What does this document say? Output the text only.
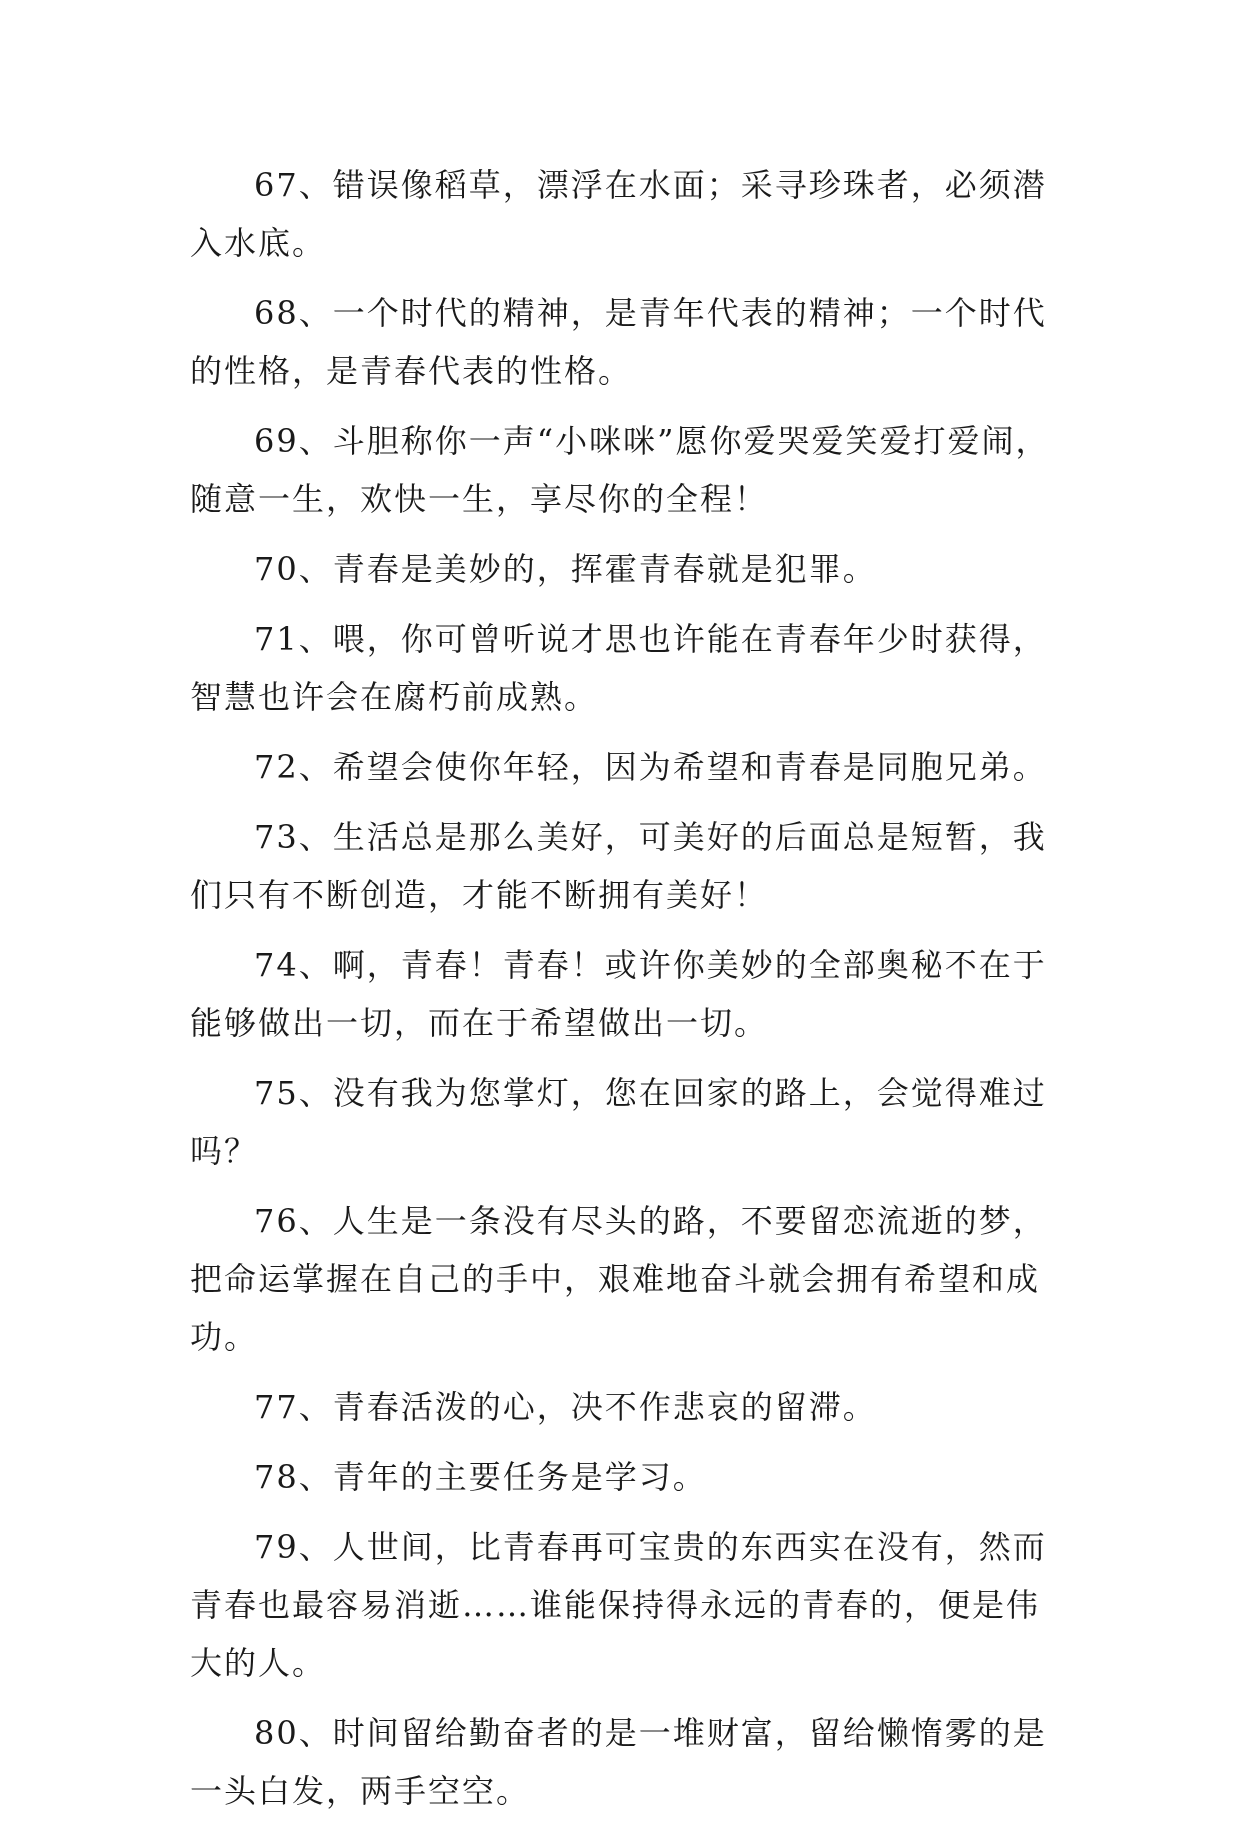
67、错误像稻草，漂浮在水面；采寻珍珠者，必须潜入水底。

68、一个时代的精神，是青年代表的精神；一个时代的性格，是青春代表的性格。

69、斗胆称你一声“小咪咪”愿你爱哭爱笑爱打爱闹，随意一生，欢快一生，享尽你的全程！

70、青春是美妙的，挥霍青春就是犯罪。

71、喂，你可曾听说才思也许能在青春年少时获得，智慧也许会在腐朽前成熟。

72、希望会使你年轻，因为希望和青春是同胞兄弟。

73、生活总是那么美好，可美好的后面总是短暂，我们只有不断创造，才能不断拥有美好！

74、啊，青春！青春！或许你美妙的全部奥秘不在于能够做出一切，而在于希望做出一切。

75、没有我为您掌灯，您在回家的路上，会觉得难过吗？

76、人生是一条没有尽头的路，不要留恋流逝的梦，把命运掌握在自己的手中，艰难地奋斗就会拥有希望和成功。

77、青春活泼的心，决不作悲哀的留滞。

78、青年的主要任务是学习。

79、人世间，比青春再可宝贵的东西实在没有，然而青春也最容易消逝……谁能保持得永远的青春的，便是伟大的人。

80、时间留给勤奋者的是一堆财富，留给懒惰雾的是一头白发，两手空空。
